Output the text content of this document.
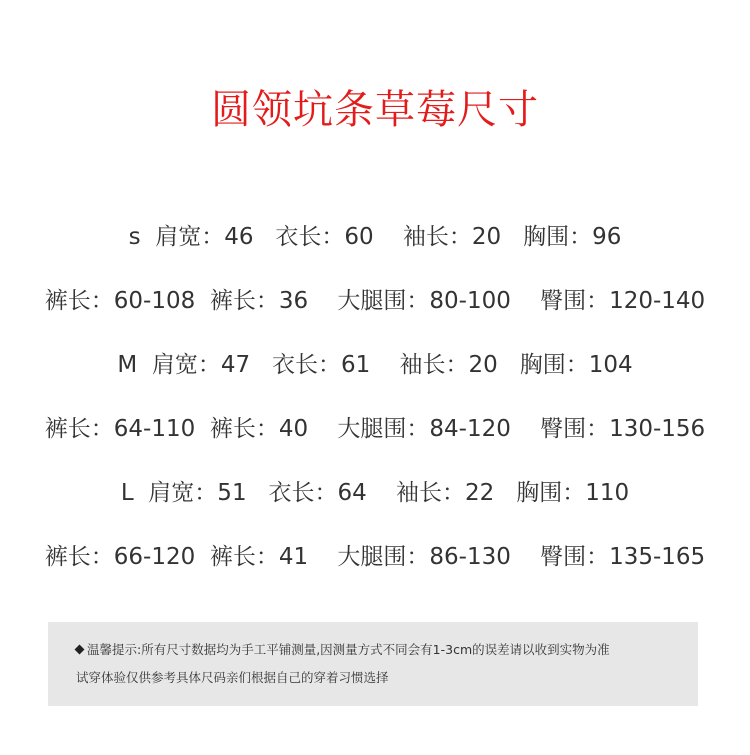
圆领坑条草莓尺寸
s  肩宽：46   衣长：60    袖长：20   胸围：96
裤长：60-108  裤长：36    大腿围：80-100    臀围：120-140
M  肩宽：47   衣长：61    袖长：20   胸围：104
裤长：64-110  裤长：40    大腿围：84-120    臀围：130-156
L  肩宽：51   衣长：64    袖长：22   胸围：110
裤长：66-120  裤长：41    大腿围：86-130    臀围：135-165
温馨提示:所有尺寸数据均为手工平铺测量,因测量方式不同会有1-3cm的误差请以收到实物为准
试穿体验仅供参考具体尺码亲们根据自己的穿着习惯选择
